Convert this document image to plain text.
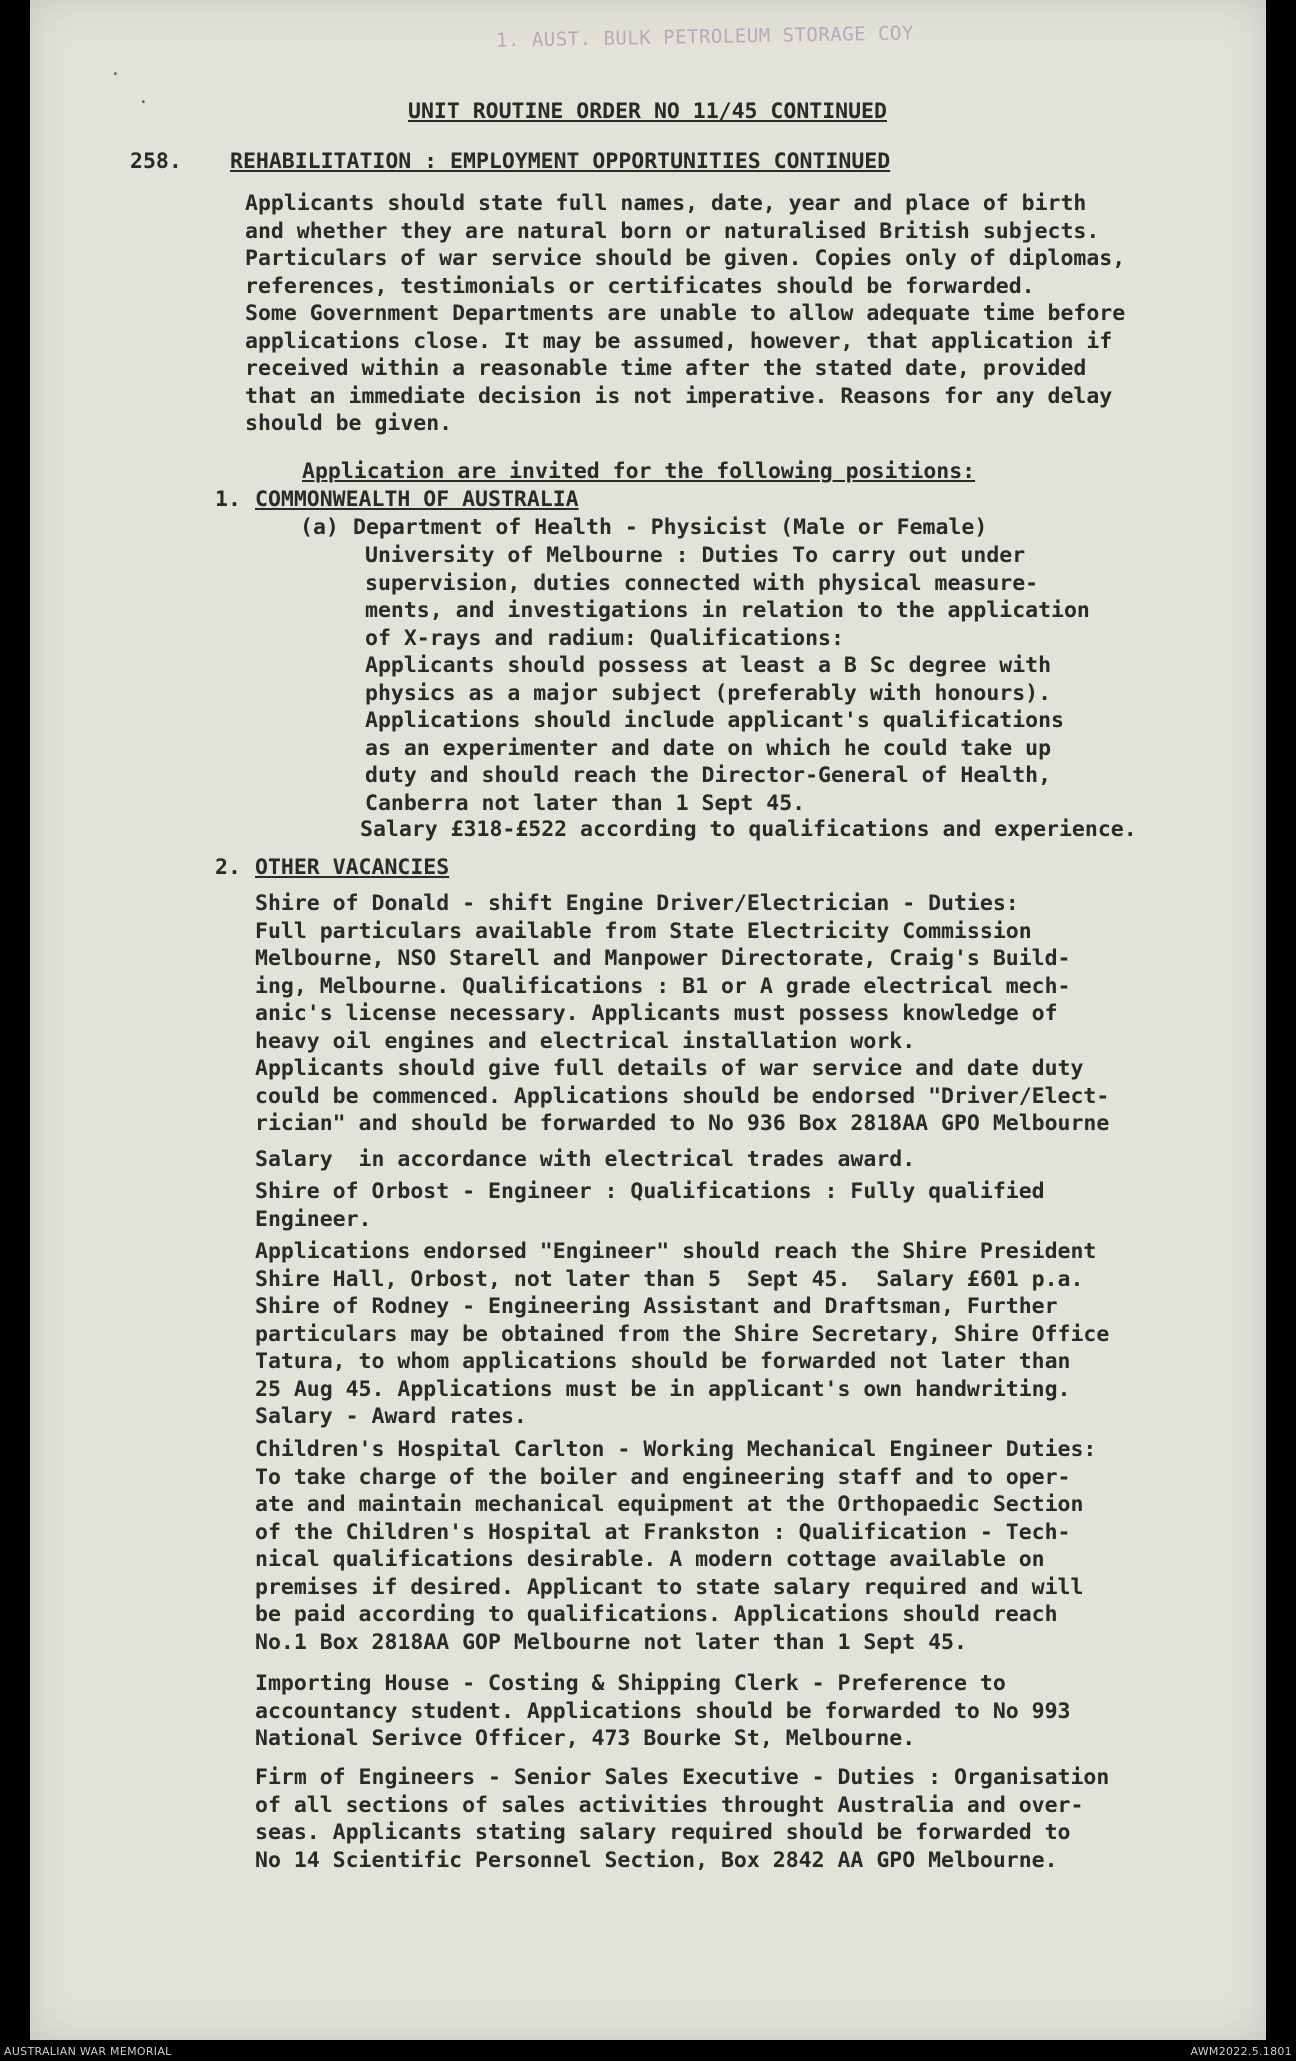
1. AUST. BULK PETROLEUM STORAGE COY
·
·	UNIT ROUTINE ORDER NO 11/45 CONTINUED
258. REHABILITATION : EMPLOYMENT OPPORTUNITIES CONTINUED
Applicants should state full names, date, year and place of birth
and whether they are natural born or naturalised British subjects.
Particulars of war service should be given. Copies only of diplomas,
references, testimonials or certificates should be forwarded.
Some Government Departments are unable to allow adequate time before
applications close. It may be assumed, however, that application if
received within a reasonable time after the stated date, provided
that an immediate decision is not imperative. Reasons for any delay
should be given.
Application are invited for the following positions:
1. COMMONWEALTH OF AUSTRALIA
(a) Department of Health - Physicist (Male or Female)
University of Melbourne : Duties To carry out under
supervision, duties connected with physical measure-
ments, and investigations in relation to the application
of X-rays and radium: Qualifications:
Applicants should possess at least a B Sc degree with
physics as a major subject (preferably with honours).
Applications should include applicant's qualifications
as an experimenter and date on which he could take up
duty and should reach the Director-General of Health,
Canberra not later than 1 Sept 45.
Salary £318-£522 according to qualifications and experience.
2. OTHER VACANCIES
Shire of Donald - shift Engine Driver/Electrician - Duties:
Full particulars available from State Electricity Commission
Melbourne, NSO Starell and Manpower Directorate, Craig's Build-
ing, Melbourne. Qualifications : B1 or A grade electrical mech-
anic's license necessary. Applicants must possess knowledge of
heavy oil engines and electrical installation work.
Applicants should give full details of war service and date duty
could be commenced. Applications should be endorsed "Driver/Elect-
rician" and should be forwarded to No 936 Box 2818AA GPO Melbourne
Salary  in accordance with electrical trades award.
Shire of Orbost - Engineer : Qualifications : Fully qualified
Engineer.
Applications endorsed "Engineer" should reach the Shire President
Shire Hall, Orbost, not later than 5  Sept 45.  Salary £601 p.a.
Shire of Rodney - Engineering Assistant and Draftsman, Further
particulars may be obtained from the Shire Secretary, Shire Office
Tatura, to whom applications should be forwarded not later than
25 Aug 45. Applications must be in applicant's own handwriting.
Salary - Award rates.
Children's Hospital Carlton - Working Mechanical Engineer Duties:
To take charge of the boiler and engineering staff and to oper-
ate and maintain mechanical equipment at the Orthopaedic Section
of the Children's Hospital at Frankston : Qualification - Tech-
nical qualifications desirable. A modern cottage available on
premises if desired. Applicant to state salary required and will
be paid according to qualifications. Applications should reach
No.1 Box 2818AA GOP Melbourne not later than 1 Sept 45.
Importing House - Costing & Shipping Clerk - Preference to
accountancy student. Applications should be forwarded to No 993
National Serivce Officer, 473 Bourke St, Melbourne.
Firm of Engineers - Senior Sales Executive - Duties : Organisation
of all sections of sales activities throught Australia and over-
seas. Applicants stating salary required should be forwarded to
No 14 Scientific Personnel Section, Box 2842 AA GPO Melbourne.
AUSTRALIAN WAR MEMORIAL	AWM2022.5.1801
